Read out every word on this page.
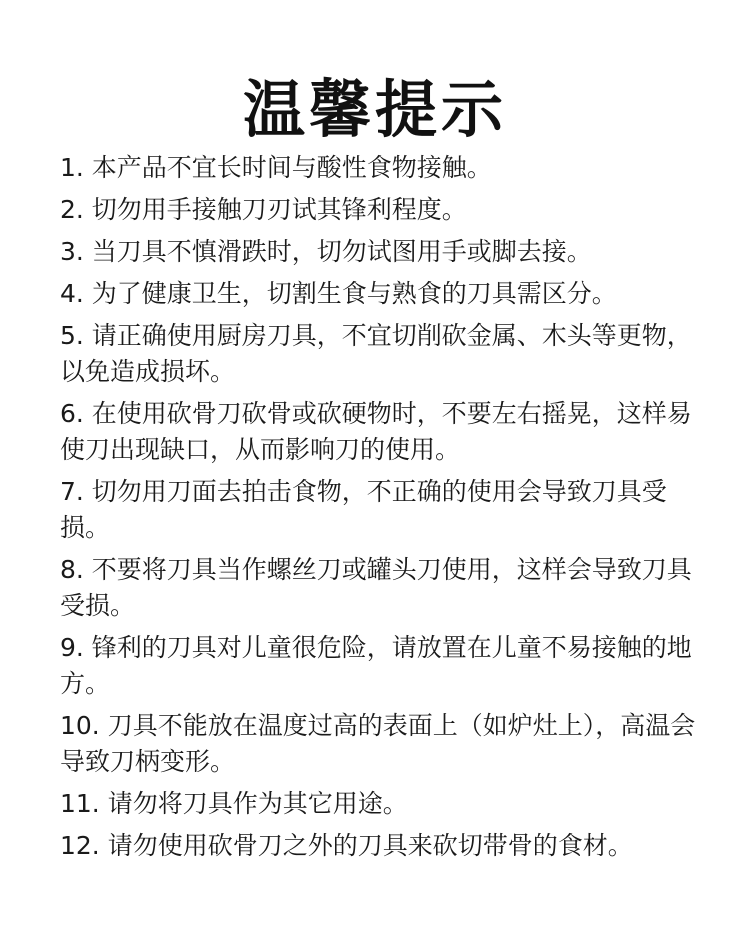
温馨提示
1. 本产品不宜长时间与酸性食物接触。
2. 切勿用手接触刀刃试其锋利程度。
3. 当刀具不慎滑跌时，切勿试图用手或脚去接。
4. 为了健康卫生，切割生食与熟食的刀具需区分。
5. 请正确使用厨房刀具，不宜切削砍金属、木头等更物，以免造成损坏。
6. 在使用砍骨刀砍骨或砍硬物时，不要左右摇晃，这样易使刀出现缺口，从而影响刀的使用。
7. 切勿用刀面去拍击食物，不正确的使用会导致刀具受损。
8. 不要将刀具当作螺丝刀或罐头刀使用，这样会导致刀具受损。
9. 锋利的刀具对儿童很危险，请放置在儿童不易接触的地方。
10. 刀具不能放在温度过高的表面上（如炉灶上），高温会导致刀柄变形。
11. 请勿将刀具作为其它用途。
12. 请勿使用砍骨刀之外的刀具来砍切带骨的食材。
